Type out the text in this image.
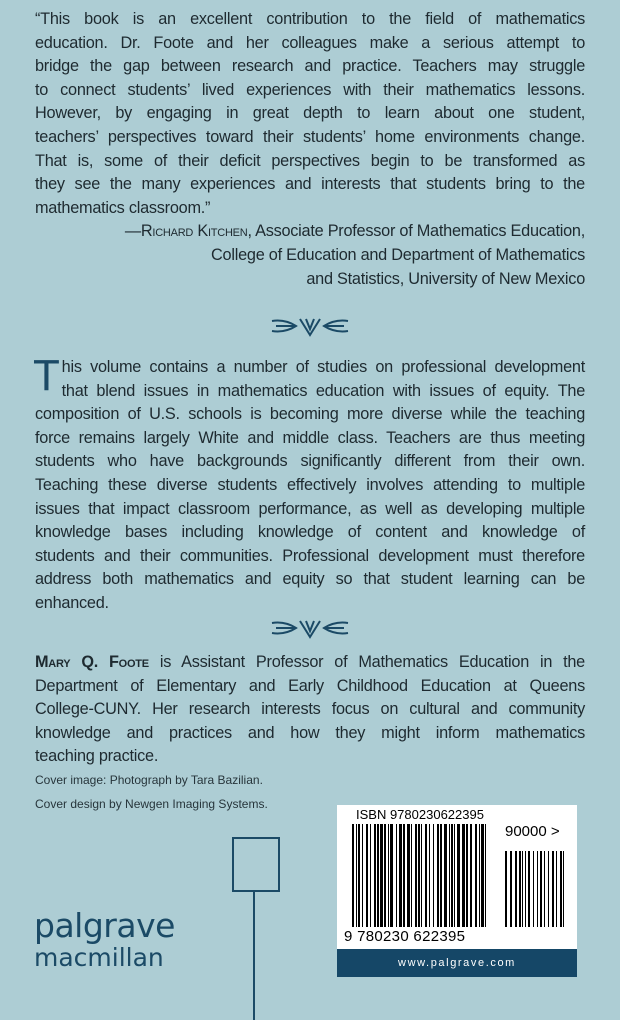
“This book is an excellent contribution to the field of mathematics
education. Dr. Foote and her colleagues make a serious attempt to
bridge the gap between research and practice. Teachers may struggle
to connect students’ lived experiences with their mathematics lessons.
However, by engaging in great depth to learn about one student,
teachers’ perspectives toward their students’ home environments change.
That is, some of their deficit perspectives begin to be transformed as
they see the many experiences and interests that students bring to the
mathematics classroom.”
—Richard Kitchen, Associate Professor of Mathematics Education,
College of Education and Department of Mathematics
and Statistics, University of New Mexico
This volume contains a number of studies on professional development
that blend issues in mathematics education with issues of equity. The
composition of U.S. schools is becoming more diverse while the teaching
force remains largely White and middle class. Teachers are thus meeting
students who have backgrounds significantly different from their own.
Teaching these diverse students effectively involves attending to multiple
issues that impact classroom performance, as well as developing multiple
knowledge bases including knowledge of content and knowledge of
students and their communities. Professional development must therefore
address both mathematics and equity so that student learning can be
enhanced.
Mary Q. Foote is Assistant Professor of Mathematics Education in the
Department of Elementary and Early Childhood Education at Queens
College-CUNY. Her research interests focus on cultural and community
knowledge and practices and how they might inform mathematics
teaching practice.
Cover image: Photograph by Tara Bazilian.
Cover design by Newgen Imaging Systems.
palgrave
macmillan
ISBN 9780230622395
90000 >
9 780230 622395
www.palgrave.com
